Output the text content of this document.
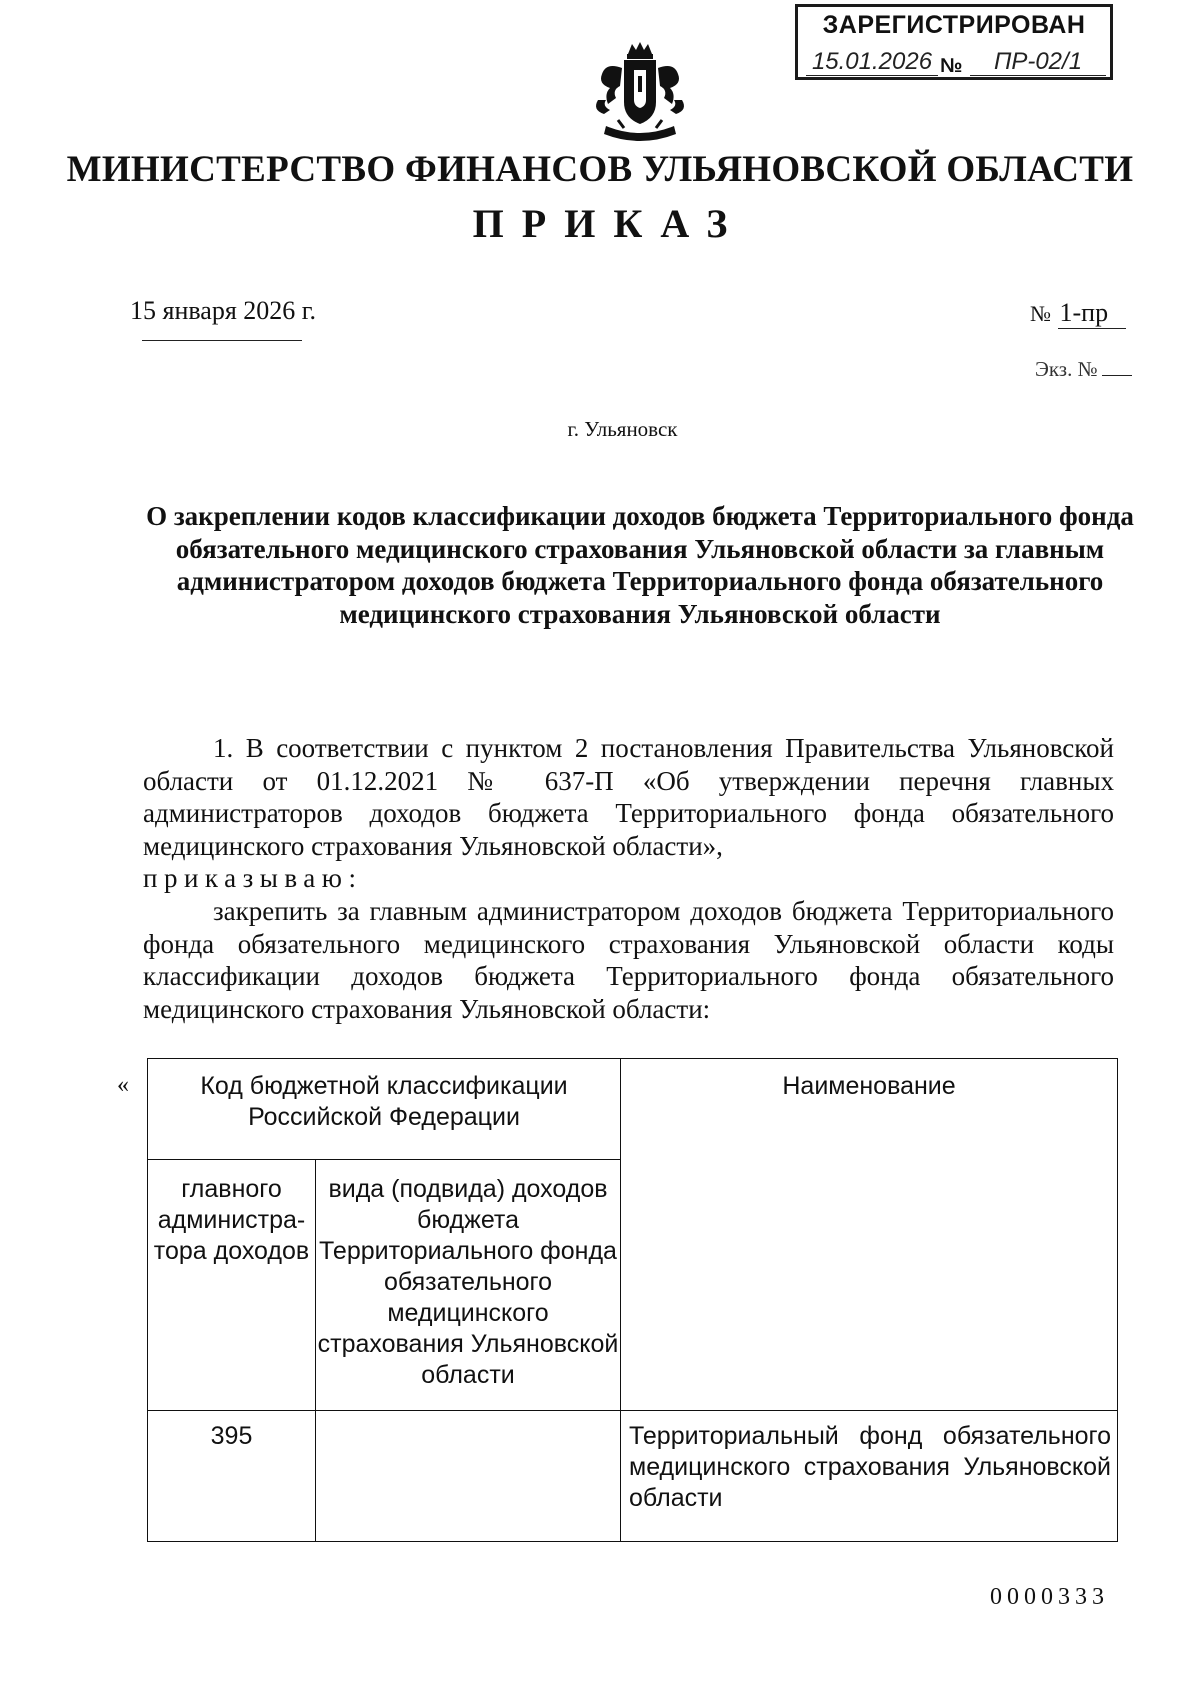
ЗАРЕГИСТРИРОВАН
15.01.2026 №	ПР-02/1
МИНИСТЕРСТВО ФИНАНСОВ УЛЬЯНОВСКОЙ ОБЛАСТИ
ПРИКАЗ
15 января 2026 г.	№ 1-пр
Экз. №
г. Ульяновск
О закреплении кодов классификации доходов бюджета Территориального фонда обязательного медицинского страхования Ульяновской области за главным администратором доходов бюджета Территориального фонда обязательного медицинского страхования Ульяновской области
1. В соответствии с пунктом 2 постановления Правительства Ульяновской области от 01.12.2021 № 637-П «Об утверждении перечня главных администраторов доходов бюджета Территориального фонда обязательного медицинского страхования Ульяновской области»,
приказываю:
закрепить за главным администратором доходов бюджета Территориального фонда обязательного медицинского страхования Ульяновской области коды классификации доходов бюджета Территориального фонда обязательного медицинского страхования Ульяновской области:
«	Код бюджетной классификации Российской Федерации		Наименование
главного администра-тора доходов	вида (подвида) доходов бюджета Территориального фонда обязательного медицинского страхования Ульяновской области	
395		Территориальный фонд обязательного медицинского страхования Ульяновской области
0000333
